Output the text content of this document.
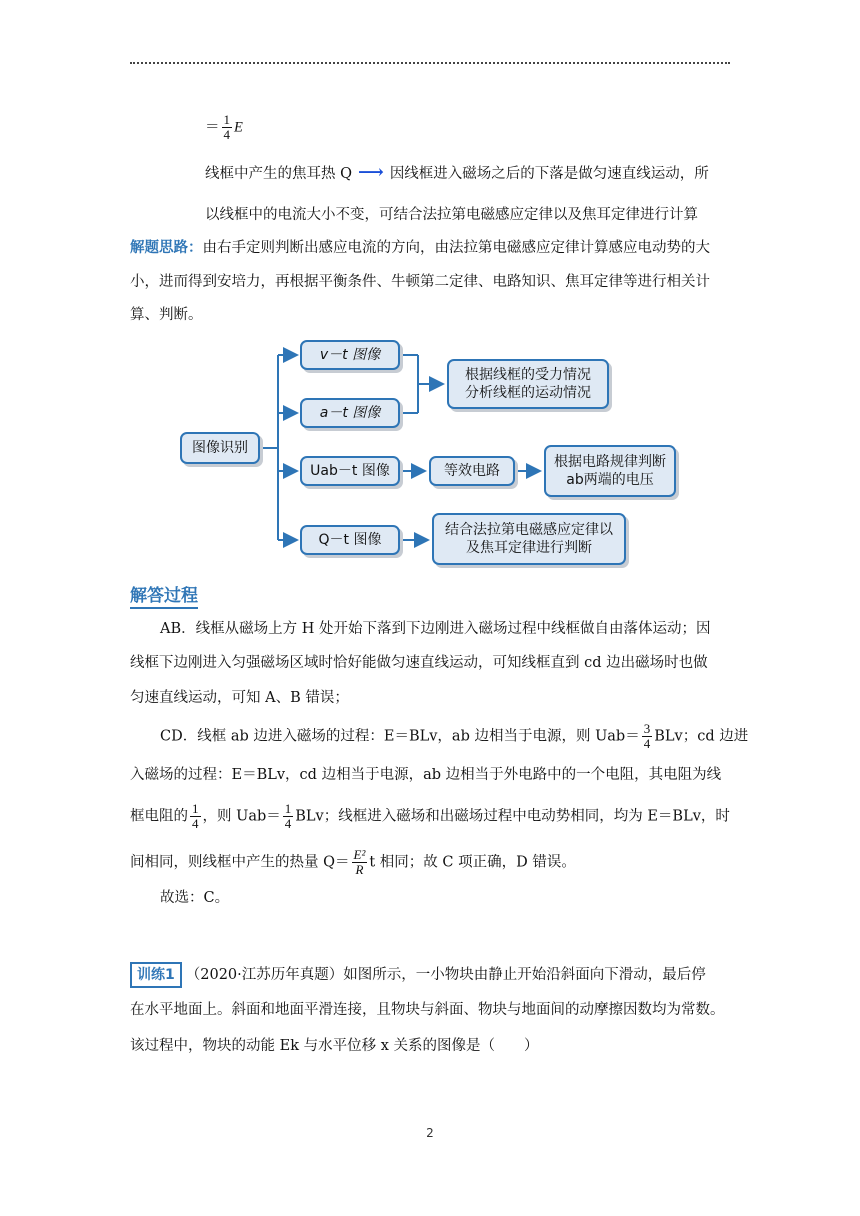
＝ $\frac{1}{4}$ E
线框中产生的焦耳热 Q ⟶ 因线框进入磁场之后的下落是做匀速直线运动，所
以线框中的电流大小不变，可结合法拉第电磁感应定律以及焦耳定律进行计算
解题思路：由右手定则判断出感应电流的方向，由法拉第电磁感应定律计算感应电动势的大
小，进而得到安培力，再根据平衡条件、牛顿第二定律、电路知识、焦耳定律等进行相关计
算、判断。
图像识别
v－t 图像
a－t 图像
Uab－t 图像
Q－t 图像
根据线框的受力情况分析线框的运动情况
等效电路
根据电路规律判断ab两端的电压
结合法拉第电磁感应定律以及焦耳定律进行判断
解答过程
AB．线框从磁场上方 H 处开始下落到下边刚进入磁场过程中线框做自由落体运动；因
线框下边刚进入匀强磁场区域时恰好能做匀速直线运动，可知线框直到 cd 边出磁场时也做
匀速直线运动，可知 A、B 错误；
CD．线框 ab 边进入磁场的过程：E＝BLv，ab 边相当于电源，则 $Uab= \frac{3}{4}$ BLv；cd 边进
入磁场的过程：E＝BLv，cd 边相当于电源，ab 边相当于外电路中的一个电阻，其电阻为线
框电阻的 $\frac{1}{4}$ ，则 $Uab= \frac{1}{4}$ BLv；线框进入磁场和出磁场过程中电动势相同，均为 E＝BLv，时
间相同，则线框中产生的热量 $Q= \frac{\text{E²}}{R}$ t 相同；故 C 项正确，D 错误。
故选：C。
训练1 （2020·江苏历年真题）如图所示，一小物块由静止开始沿斜面向下滑动，最后停
在水平地面上。斜面和地面平滑连接，且物块与斜面、物块与地面间的动摩擦因数均为常数。
该过程中，物块的动能 Ek 与水平位移 x 关系的图像是（　　）
2
